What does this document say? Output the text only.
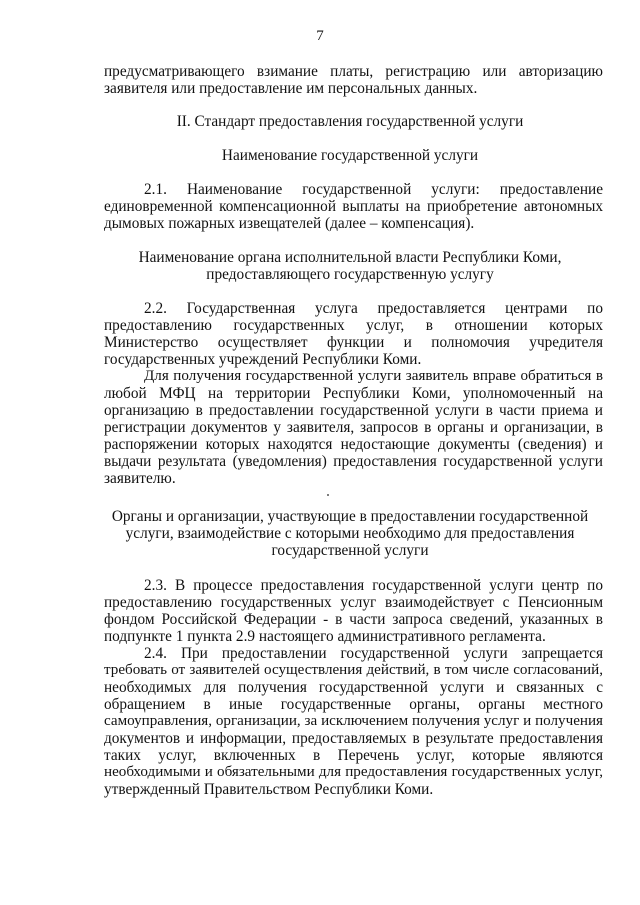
7
предусматривающего взимание платы, регистрацию или авторизацию
заявителя или предоставление им персональных данных.
II. Стандарт предоставления государственной услуги
Наименование государственной услуги
2.1. Наименование государственной услуги: предоставление
единовременной компенсационной выплаты на приобретение автономных
дымовых пожарных извещателей (далее – компенсация).
Наименование органа исполнительной власти Республики Коми,
предоставляющего государственную услугу
2.2. Государственная услуга предоставляется центрами по
предоставлению государственных услуг, в отношении которых
Министерство осуществляет функции и полномочия учредителя
государственных учреждений Республики Коми.
Для получения государственной услуги заявитель вправе обратиться в
любой МФЦ на территории Республики Коми, уполномоченный на
организацию в предоставлении государственной услуги в части приема и
регистрации документов у заявителя, запросов в органы и организации, в
распоряжении которых находятся недостающие документы (сведения) и
выдачи результата (уведомления) предоставления государственной услуги
заявителю.
Органы и организации, участвующие в предоставлении государственной
услуги, взаимодействие с которыми необходимо для предоставления
государственной услуги
2.3. В процессе предоставления государственной услуги центр по
предоставлению государственных услуг взаимодействует с Пенсионным
фондом Российской Федерации - в части запроса сведений, указанных в
подпункте 1 пункта 2.9 настоящего административного регламента.
2.4. При предоставлении государственной услуги запрещается
требовать от заявителей осуществления действий, в том числе согласований,
необходимых для получения государственной услуги и связанных с
обращением в иные государственные органы, органы местного
самоуправления, организации, за исключением получения услуг и получения
документов и информации, предоставляемых в результате предоставления
таких услуг, включенных в Перечень услуг, которые являются
необходимыми и обязательными для предоставления государственных услуг,
утвержденный Правительством Республики Коми.
